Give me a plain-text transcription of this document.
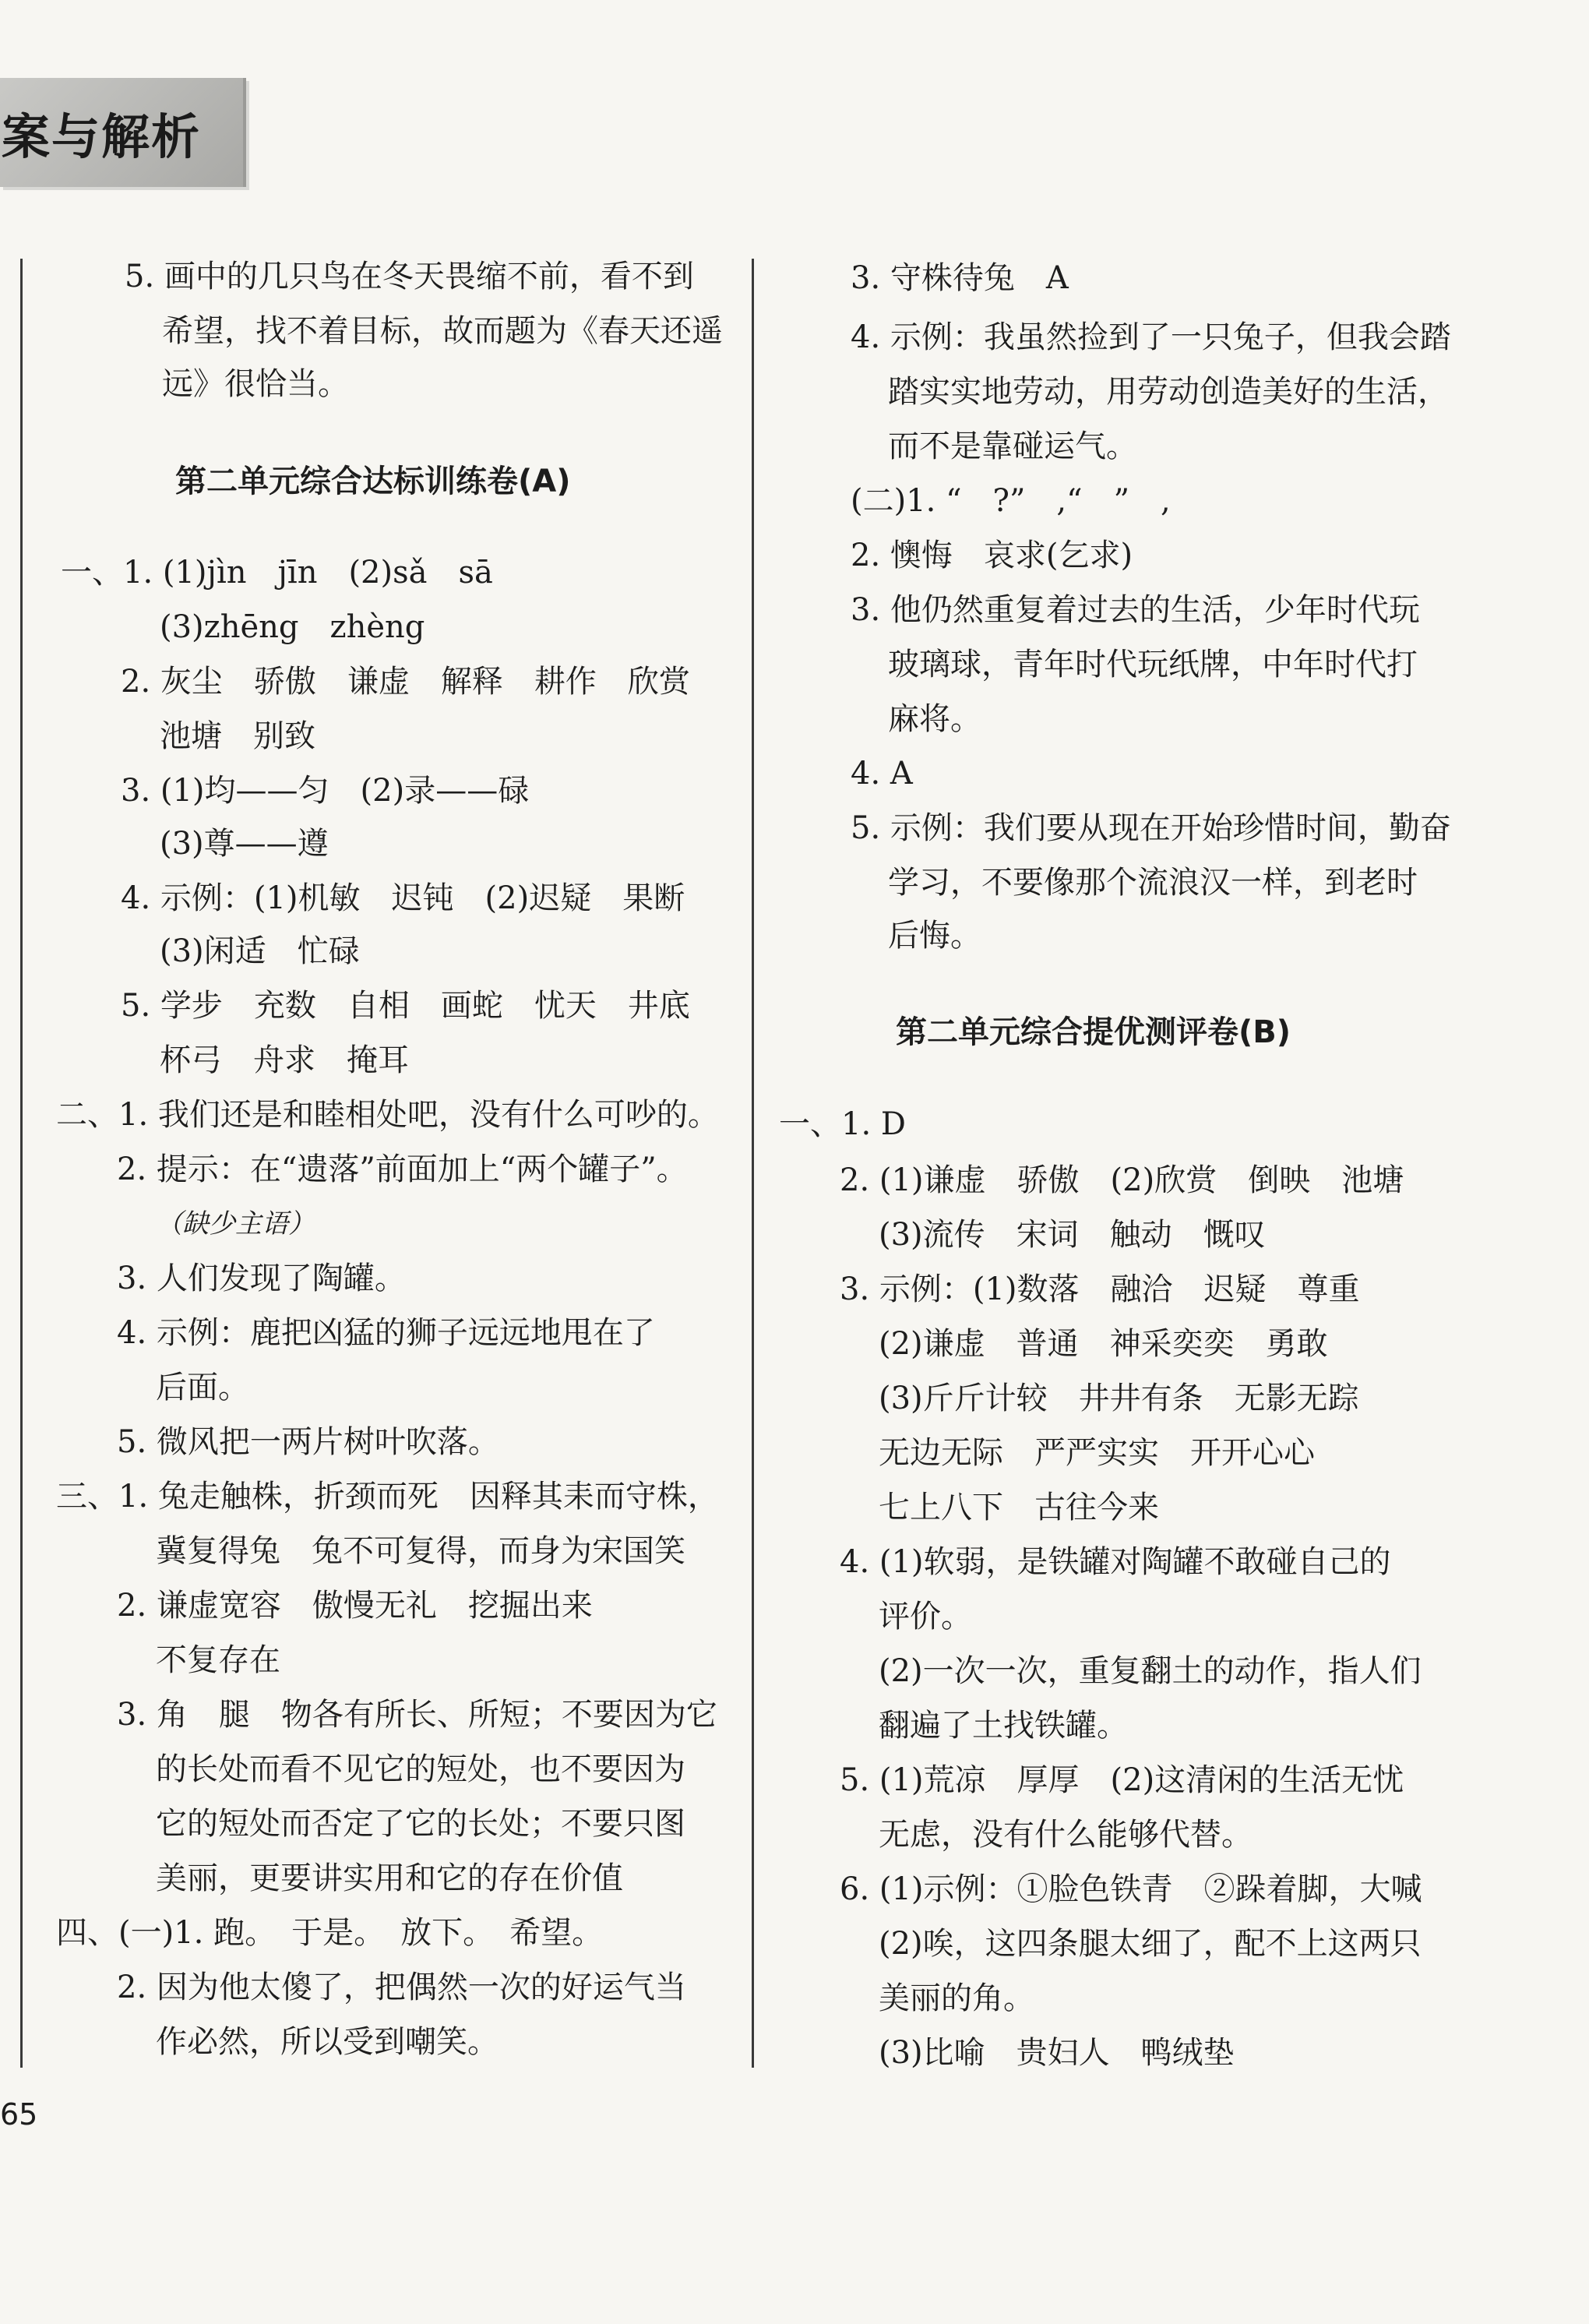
案与解析
第二单元综合达标训练卷(A)
第二单元综合提优测评卷(B)
5. 画中的几只鸟在冬天畏缩不前，看不到
希望，找不着目标，故而题为《春天还遥
远》很恰当。
一、1. (1)jìn　jīn　(2)sǎ　sā
(3)zhēng　zhèng
2. 灰尘　骄傲　谦虚　解释　耕作　欣赏
池塘　别致
3. (1)均——匀　(2)录——碌
(3)尊——遵
4. 示例：(1)机敏　迟钝　(2)迟疑　果断
(3)闲适　忙碌
5. 学步　充数　自相　画蛇　忧天　井底
杯弓　舟求　掩耳
二、1. 我们还是和睦相处吧，没有什么可吵的。
2. 提示：在“遗落”前面加上“两个罐子”。
3. 人们发现了陶罐。
4. 示例：鹿把凶猛的狮子远远地甩在了
后面。
5. 微风把一两片树叶吹落。
三、1. 兔走触株，折颈而死　因释其耒而守株，
冀复得兔　兔不可复得，而身为宋国笑
2. 谦虚宽容　傲慢无礼　挖掘出来
不复存在
3. 角　腿　物各有所长、所短；不要因为它
的长处而看不见它的短处，也不要因为
它的短处而否定了它的长处；不要只图
美丽，更要讲实用和它的存在价值
四、(一)1. 跑。　于是。　放下。　希望。
2. 因为他太傻了，把偶然一次的好运气当
作必然，所以受到嘲笑。
（缺少主语）
3. 守株待兔　A
4. 示例：我虽然捡到了一只兔子，但我会踏
踏实实地劳动，用劳动创造美好的生活，
而不是靠碰运气。
(二)1. “　?”　,“　”　,
2. 懊悔　哀求(乞求)
3. 他仍然重复着过去的生活，少年时代玩
玻璃球，青年时代玩纸牌，中年时代打
麻将。
4. A
5. 示例：我们要从现在开始珍惜时间，勤奋
学习，不要像那个流浪汉一样，到老时
后悔。
一、1. D
2. (1)谦虚　骄傲　(2)欣赏　倒映　池塘
(3)流传　宋词　触动　慨叹
3. 示例：(1)数落　融洽　迟疑　尊重
(2)谦虚　普通　神采奕奕　勇敢
(3)斤斤计较　井井有条　无影无踪
无边无际　严严实实　开开心心
七上八下　古往今来
4. (1)软弱，是铁罐对陶罐不敢碰自己的
评价。
(2)一次一次，重复翻土的动作，指人们
翻遍了土找铁罐。
5. (1)荒凉　厚厚　(2)这清闲的生活无忧
无虑，没有什么能够代替。
6. (1)示例：①脸色铁青　②跺着脚，大喊
(2)唉，这四条腿太细了，配不上这两只
美丽的角。
(3)比喻　贵妇人　鸭绒垫
65
